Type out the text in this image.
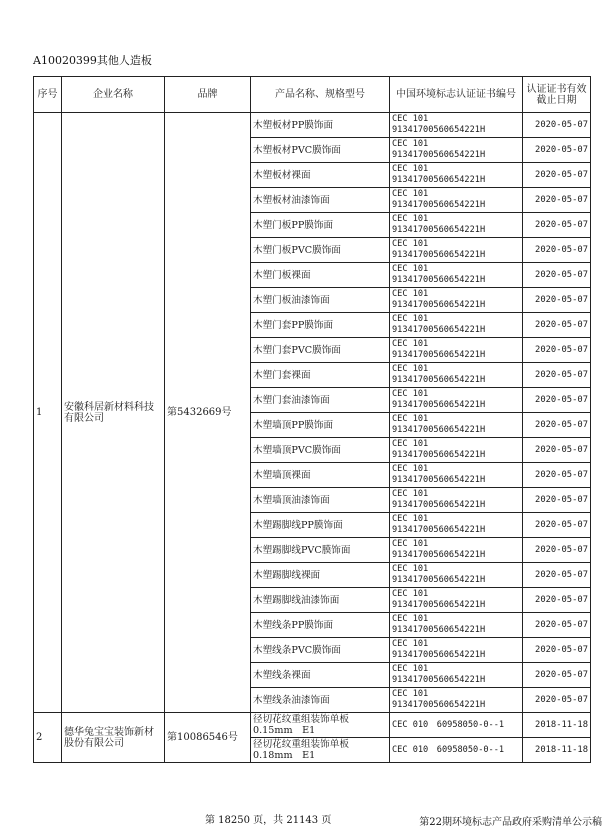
A10020399其他人造板
序号	企业名称	品牌	产品名称、规格型号	中国环境标志认证证书编号	认证证书有效截止日期
1	安徽科居新材料科技有限公司	第5432669号	木塑板材PP膜饰面	CEC 101
91341700560654221H	2020-05-07
			木塑板材PVC膜饰面	CEC 101
91341700560654221H	2020-05-07
			木塑板材裸面	CEC 101
91341700560654221H	2020-05-07
			木塑板材油漆饰面	CEC 101
91341700560654221H	2020-05-07
			木塑门板PP膜饰面	CEC 101
91341700560654221H	2020-05-07
			木塑门板PVC膜饰面	CEC 101
91341700560654221H	2020-05-07
			木塑门板裸面	CEC 101
91341700560654221H	2020-05-07
			木塑门板油漆饰面	CEC 101
91341700560654221H	2020-05-07
			木塑门套PP膜饰面	CEC 101
91341700560654221H	2020-05-07
			木塑门套PVC膜饰面	CEC 101
91341700560654221H	2020-05-07
			木塑门套裸面	CEC 101
91341700560654221H	2020-05-07
			木塑门套油漆饰面	CEC 101
91341700560654221H	2020-05-07
			木塑墙顶PP膜饰面	CEC 101
91341700560654221H	2020-05-07
			木塑墙顶PVC膜饰面	CEC 101
91341700560654221H	2020-05-07
			木塑墙顶裸面	CEC 101
91341700560654221H	2020-05-07
			木塑墙顶油漆饰面	CEC 101
91341700560654221H	2020-05-07
			木塑踢脚线PP膜饰面	CEC 101
91341700560654221H	2020-05-07
			木塑踢脚线PVC膜饰面	CEC 101
91341700560654221H	2020-05-07
			木塑踢脚线裸面	CEC 101
91341700560654221H	2020-05-07
			木塑踢脚线油漆饰面	CEC 101
91341700560654221H	2020-05-07
			木塑线条PP膜饰面	CEC 101
91341700560654221H	2020-05-07
			木塑线条PVC膜饰面	CEC 101
91341700560654221H	2020-05-07
			木塑线条裸面	CEC 101
91341700560654221H	2020-05-07
			木塑线条油漆饰面	CEC 101
91341700560654221H	2020-05-07
2	德华兔宝宝装饰新材股份有限公司	第10086546号	径切花纹重组装饰单板 0.15mm　E1	CEC 010　60958050-0--1	2018-11-18
			径切花纹重组装饰单板 0.18mm　E1	CEC 010　60958050-0--1	2018-11-18
第 18250 页，共 21143 页	第22期环境标志产品政府采购清单公示稿
